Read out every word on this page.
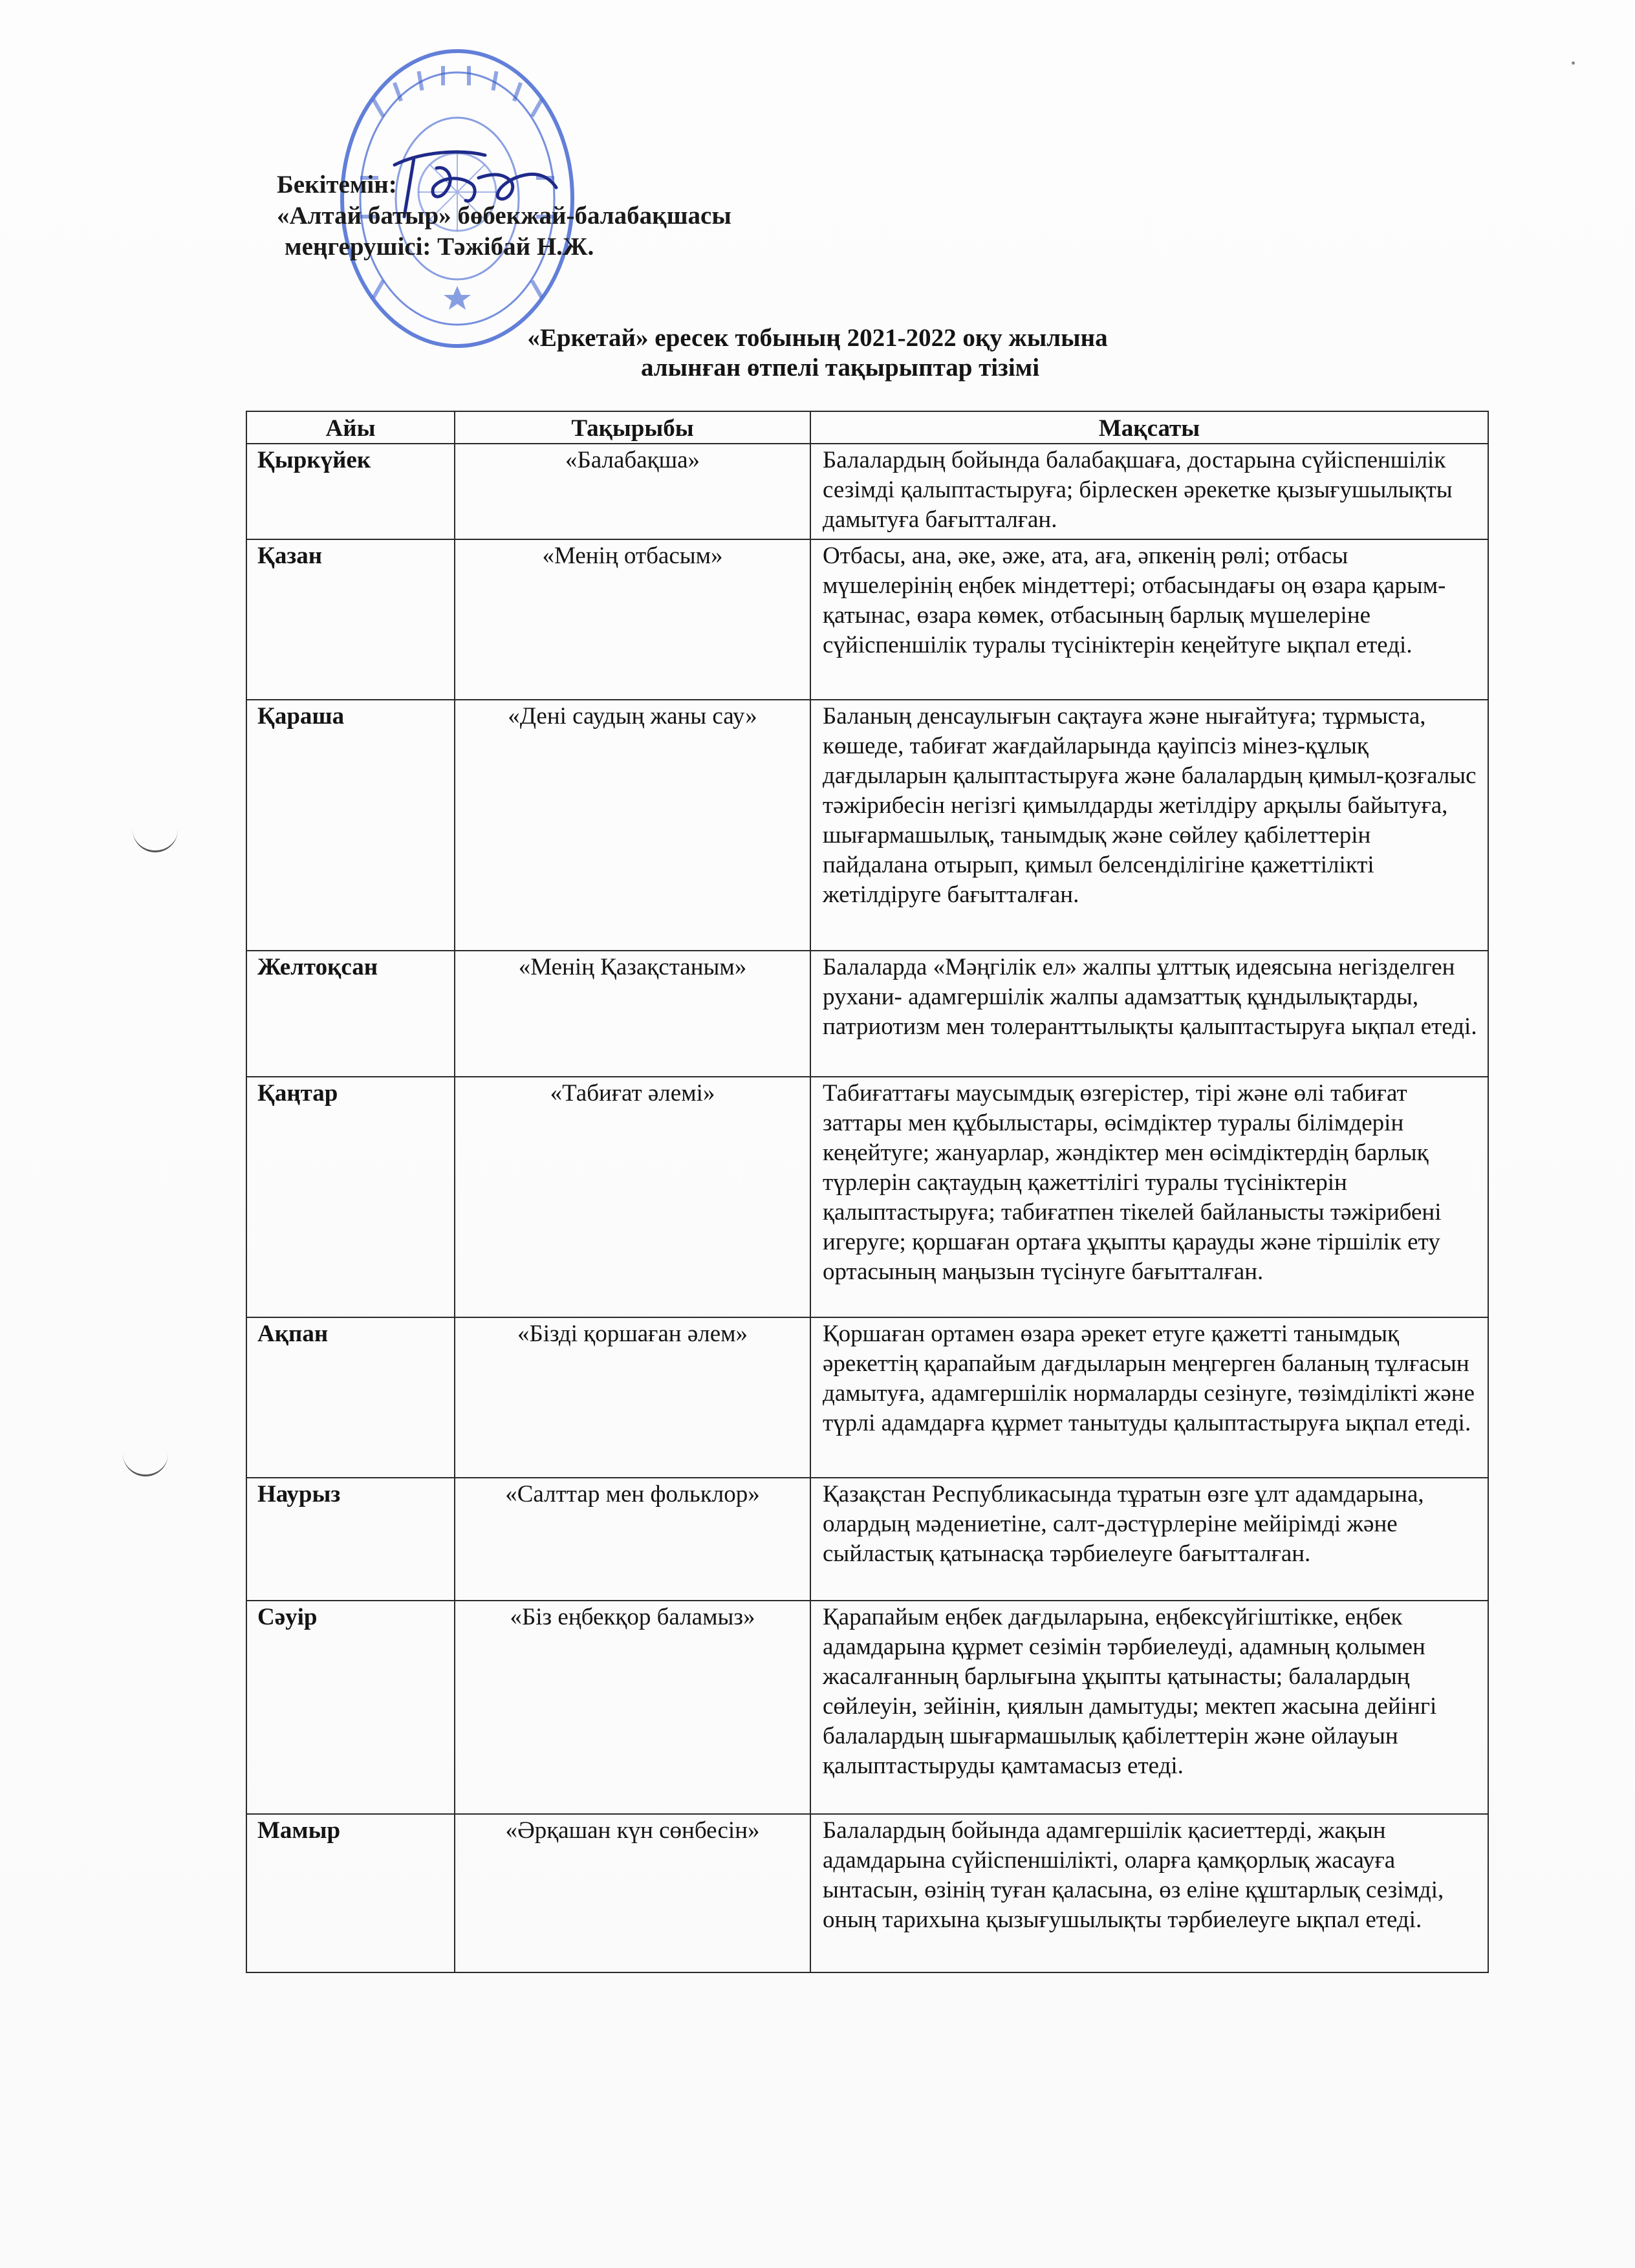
Бекітемін:
«Алтай батыр» бөбекжай-балабақшасы
меңгерушісі: Тәжібай Н.Ж.
«Еркетай» ересек тобының 2021-2022 оқу жылына
алынған өтпелі тақырыптар тізімі
Айы	Тақырыбы	Мақсаты
Қыркүйек	«Балабақша»	Балалардың бойында балабақшаға, достарына сүйіспеншілік сезімді қалыптастыруға; бірлескен әрекетке қызығушылықты дамытуға бағытталған.
Қазан	«Менің отбасым»	Отбасы, ана, әке, әже, ата, аға, әпкенің рөлі; отбасы мүшелерінің еңбек міндеттері; отбасындағы оң өзара қарым-қатынас, өзара көмек, отбасының барлық мүшелеріне сүйіспеншілік туралы түсініктерін кеңейтуге ықпал етеді.
Қараша	«Дені саудың жаны сау»	Баланың денсаулығын сақтауға және нығайтуға; тұрмыста, көшеде, табиғат жағдайларында қауіпсіз мінез-құлық дағдыларын қалыптастыруға және балалардың қимыл-қозғалыс тәжірибесін негізгі қимылдарды жетілдіру арқылы байытуға, шығармашылық, танымдық және сөйлеу қабілеттерін пайдалана отырып, қимыл белсенділігіне қажеттілікті жетілдіруге бағытталған.
Желтоқсан	«Менің Қазақстаным»	Балаларда «Мәңгілік ел» жалпы ұлттық идеясына негізделген рухани- адамгершілік жалпы адамзаттық құндылықтарды, патриотизм мен толеранттылықты қалыптастыруға ықпал етеді.
Қаңтар	«Табиғат әлемі»	Табиғаттағы маусымдық өзгерістер, тірі және өлі табиғат заттары мен құбылыстары, өсімдіктер туралы білімдерін кеңейтуге; жануарлар, жәндіктер мен өсімдіктердің барлық түрлерін сақтаудың қажеттілігі туралы түсініктерін қалыптастыруға; табиғатпен тікелей байланысты тәжірибені игеруге; қоршаған ортаға ұқыпты қарауды және тіршілік ету ортасының маңызын түсінуге бағытталған.
Ақпан	«Бізді қоршаған әлем»	Қоршаған ортамен өзара әрекет етуге қажетті танымдық әрекеттің қарапайым дағдыларын меңгерген баланың тұлғасын дамытуға, адамгершілік нормаларды сезінуге, төзімділікті және түрлі адамдарға құрмет танытуды қалыптастыруға ықпал етеді.
Наурыз	«Салттар мен фольклор»	Қазақстан Республикасында тұратын өзге ұлт адамдарына, олардың мәдениетіне, салт-дәстүрлеріне мейірімді және сыйластық қатынасқа тәрбиелеуге бағытталған.
Сәуір	«Біз еңбекқор баламыз»	Қарапайым еңбек дағдыларына, еңбексүйгіштікке, еңбек адамдарына құрмет сезімін тәрбиелеуді, адамның қолымен жасалғанның барлығына ұқыпты қатынасты; балалардың сөйлеуін, зейінін, қиялын дамытуды; мектеп жасына дейінгі балалардың шығармашылық қабілеттерін және ойлауын қалыптастыруды қамтамасыз етеді.
Мамыр	«Әрқашан күн сөнбесін»	Балалардың бойында адамгершілік қасиеттерді, жақын адамдарына сүйіспеншілікті, оларға қамқорлық жасауға ынтасын, өзінің туған қаласына, өз еліне құштарлық сезімді, оның тарихына қызығушылықты тәрбиелеуге ықпал етеді.
